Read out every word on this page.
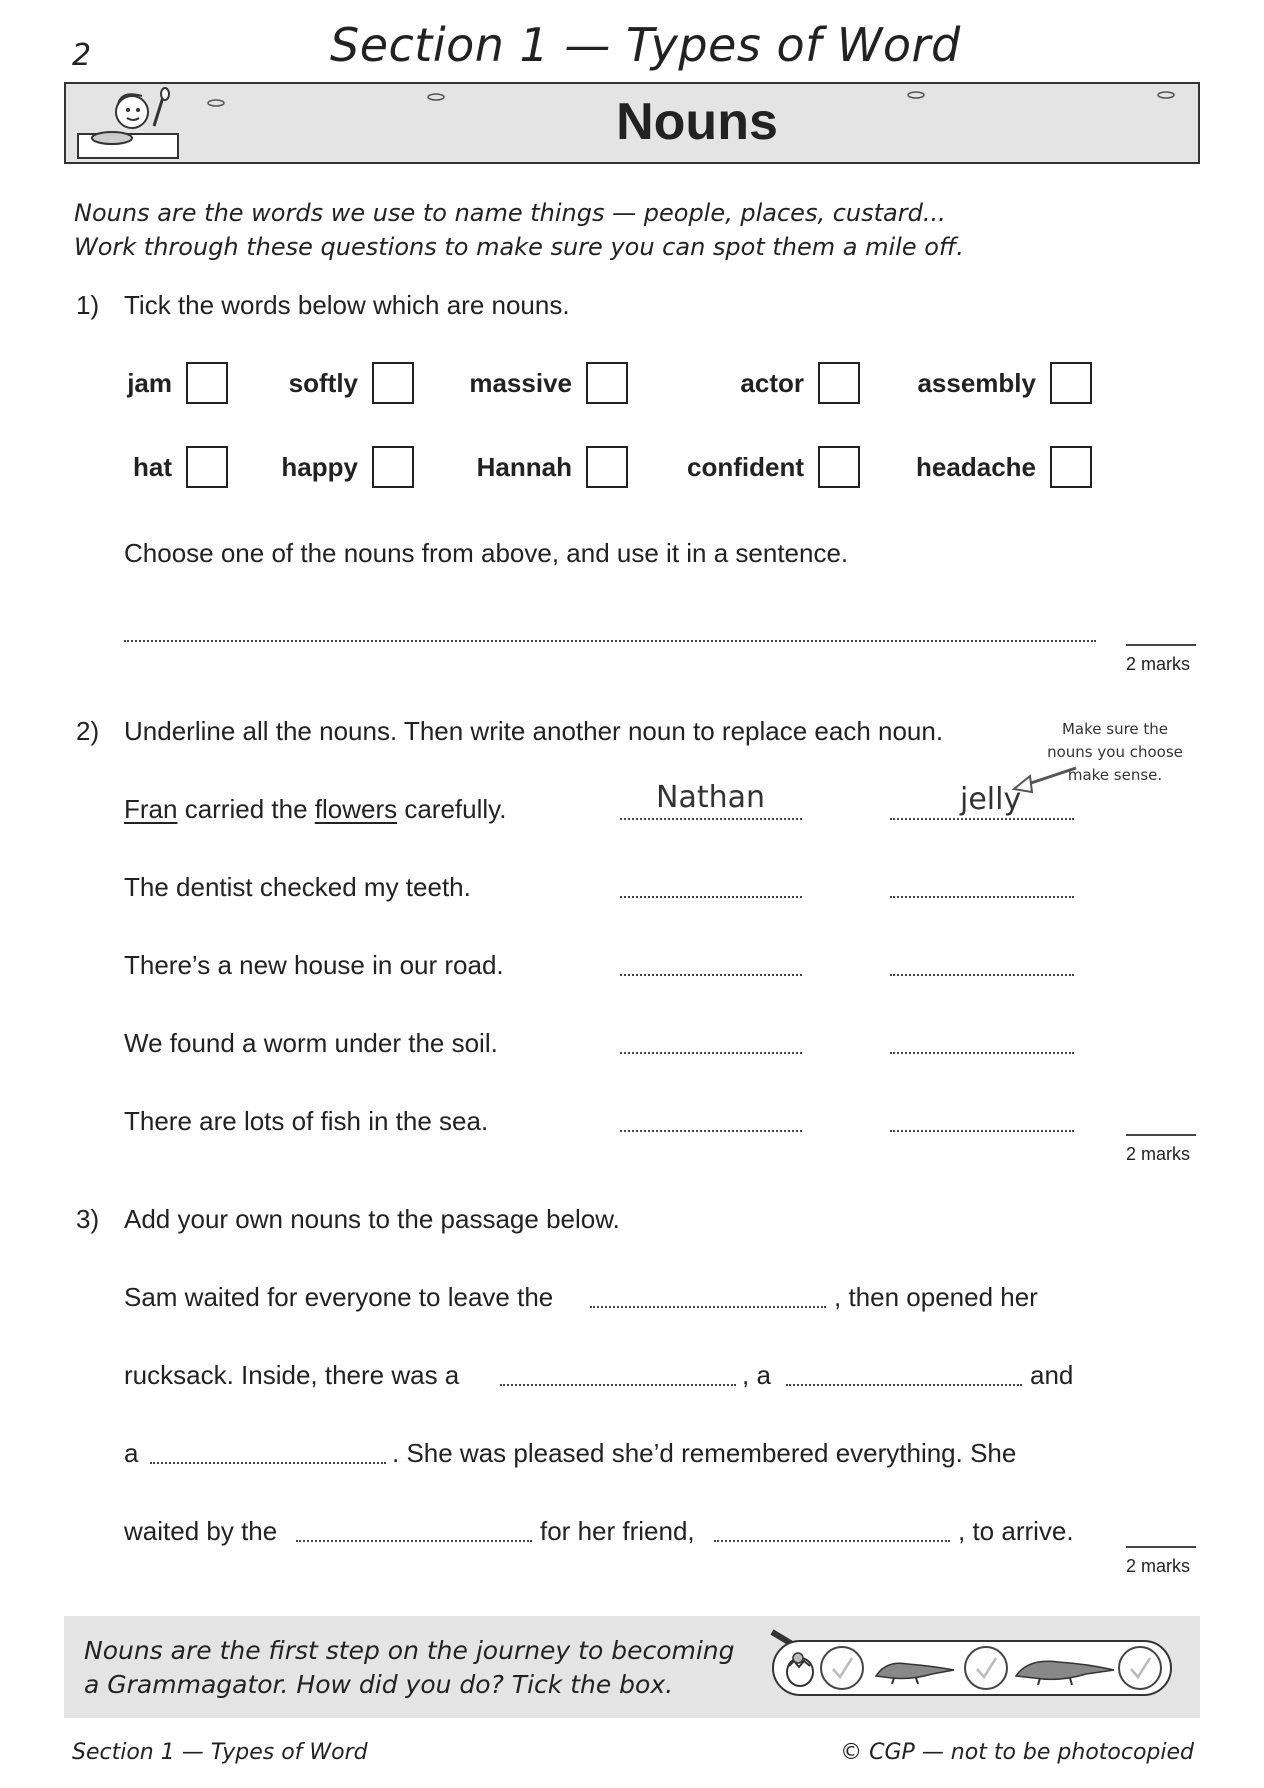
2	Section 1 — Types of Word
Nouns
Nouns are the words we use to name things — people, places, custard...
Work through these questions to make sure you can spot them a mile off.
1) Tick the words below which are nouns.
jam	softly	massive	actor	assembly
hat	happy	Hannah	confident	headache
Choose one of the nouns from above, and use it in a sentence.
2 marks
2) Underline all the nouns. Then write another noun to replace each noun.	Make sure the
nouns you choose
make sense.
Fran carried the flowers carefully.	Nathan	jelly
The dentist checked my teeth.
There’s a new house in our road.
We found a worm under the soil.
There are lots of fish in the sea.
2 marks
3) Add your own nouns to the passage below.
Sam waited for everyone to leave the	, then opened her
rucksack. Inside, there was a	, a	and
a	. She was pleased she’d remembered everything. She
waited by the	for her friend,	, to arrive.
2 marks
Nouns are the first step on the journey to becoming
a Grammagator. How did you do? Tick the box.
Section 1 — Types of Word	© CGP — not to be photocopied
